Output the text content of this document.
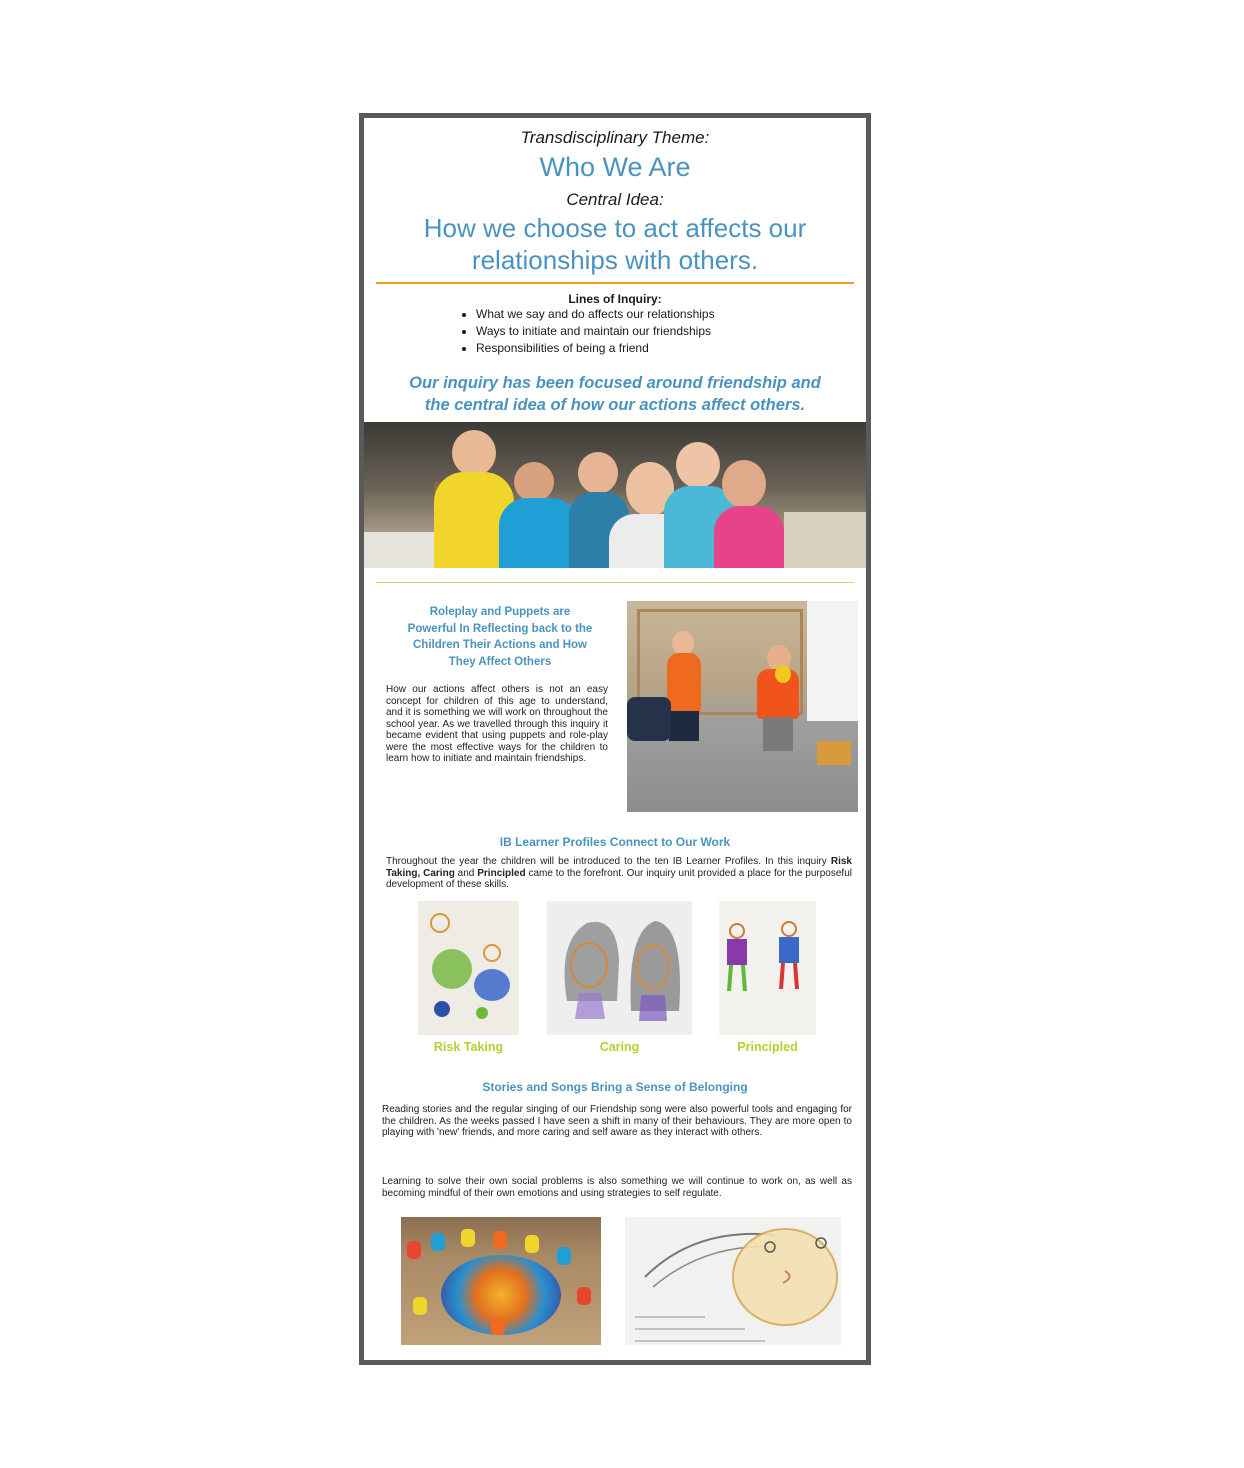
Transdisciplinary Theme:
Who We Are
Central Idea:
How we choose to act affects our
relationships with others.
Lines of Inquiry:
• What we say and do affects our relationships
• Ways to initiate and maintain our friendships
• Responsibilities of being a friend
Our inquiry has been focused around friendship and
the central idea of how our actions affect others.
Roleplay and Puppets are
Powerful In Reflecting back to the
Children Their Actions and How
They Affect Others
How our actions affect others is not an easy concept for children of this age to understand, and it is something we will work on throughout the school year. As we travelled through this inquiry it became evident that using puppets and role-play were the most effective ways for the children to learn how to initiate and maintain friendships.
IB Learner Profiles Connect to Our Work
Throughout the year the children will be introduced to the ten IB Learner Profiles. In this inquiry Risk Taking, Caring and Principled came to the forefront. Our inquiry unit provided a place for the purposeful development of these skills.
Risk Taking	Caring	Principled
Stories and Songs Bring a Sense of Belonging
Reading stories and the regular singing of our Friendship song were also powerful tools and engaging for the children. As the weeks passed I have seen a shift in many of their behaviours. They are more open to playing with 'new' friends, and more caring and self aware as they interact with others.
Learning to solve their own social problems is also something we will continue to work on, as well as becoming mindful of their own emotions and using strategies to self regulate.
